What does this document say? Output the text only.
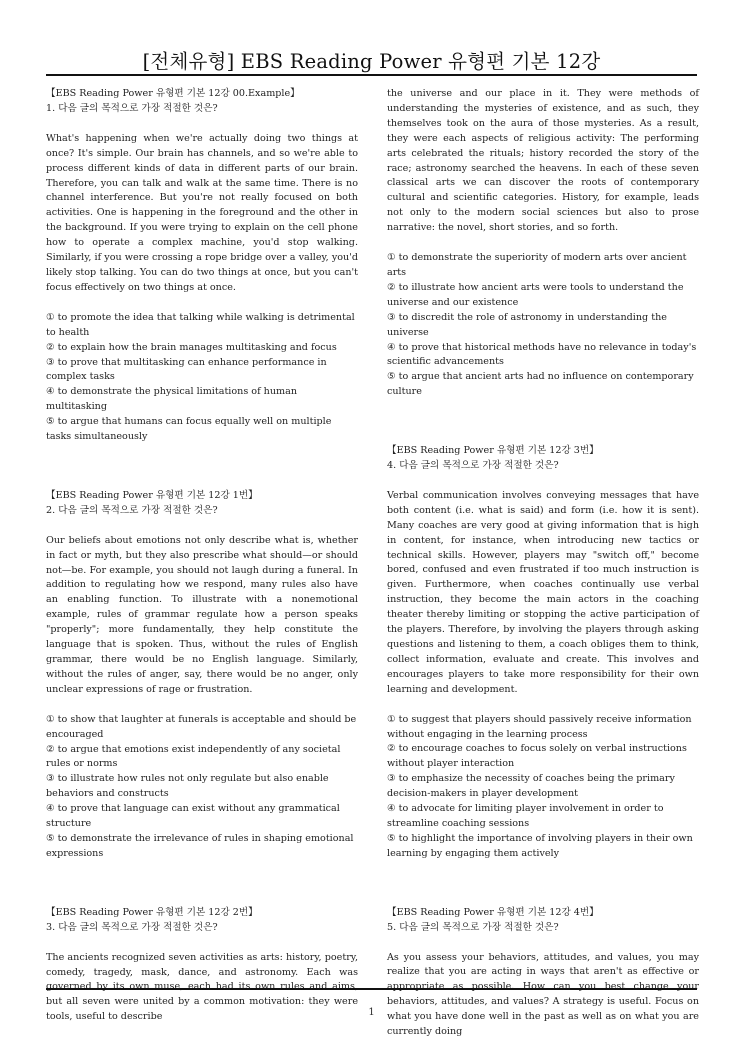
[전체유형] EBS Reading Power 유형편 기본 12강

【EBS Reading Power 유형편 기본 12강 00.Example】

1. 다음 글의 목적으로 가장 적절한 것은?

What's happening when we're actually doing two things at once? It's simple. Our brain has channels, and so we're able to process different kinds of data in different parts of our brain. Therefore, you can talk and walk at the same time. There is no channel interference. But you're not really focused on both activities. One is happening in the foreground and the other in the background. If you were trying to explain on the cell phone how to operate a complex machine, you'd stop walking. Similarly, if you were crossing a rope bridge over a valley, you'd likely stop talking. You can do two things at once, but you can't focus effectively on two things at once.

① to promote the idea that talking while walking is detrimental to health

② to explain how the brain manages multitasking and focus

③ to prove that multitasking can enhance performance in complex tasks

④ to demonstrate the physical limitations of human multitasking

⑤ to argue that humans can focus equally well on multiple tasks simultaneously

【EBS Reading Power 유형편 기본 12강 1번】

2. 다음 글의 목적으로 가장 적절한 것은?

Our beliefs about emotions not only describe what is, whether in fact or myth, but they also prescribe what should—or should not—be. For example, you should not laugh during a funeral. In addition to regulating how we respond, many rules also have an enabling function. To illustrate with a nonemotional example, rules of grammar regulate how a person speaks "properly"; more fundamentally, they help constitute the language that is spoken. Thus, without the rules of English grammar, there would be no English language. Similarly, without the rules of anger, say, there would be no anger, only unclear expressions of rage or frustration.

① to show that laughter at funerals is acceptable and should be encouraged

② to argue that emotions exist independently of any societal rules or norms

③ to illustrate how rules not only regulate but also enable behaviors and constructs

④ to prove that language can exist without any grammatical structure

⑤ to demonstrate the irrelevance of rules in shaping emotional expressions

【EBS Reading Power 유형편 기본 12강 2번】

3. 다음 글의 목적으로 가장 적절한 것은?

The ancients recognized seven activities as arts: history, poetry, comedy, tragedy, mask, dance, and astronomy. Each was governed by its own muse, each had its own rules and aims, but all seven were united by a common motivation: they were tools, useful to describe

the universe and our place in it. They were methods of understanding the mysteries of existence, and as such, they themselves took on the aura of those mysteries. As a result, they were each aspects of religious activity: The performing arts celebrated the rituals; history recorded the story of the race; astronomy searched the heavens. In each of these seven classical arts we can discover the roots of contemporary cultural and scientific categories. History, for example, leads not only to the modern social sciences but also to prose narrative: the novel, short stories, and so forth.

① to demonstrate the superiority of modern arts over ancient arts

② to illustrate how ancient arts were tools to understand the universe and our existence

③ to discredit the role of astronomy in understanding the universe

④ to prove that historical methods have no relevance in today's scientific advancements

⑤ to argue that ancient arts had no influence on contemporary culture

【EBS Reading Power 유형편 기본 12강 3번】

4. 다음 글의 목적으로 가장 적절한 것은?

Verbal communication involves conveying messages that have both content (i.e. what is said) and form (i.e. how it is sent). Many coaches are very good at giving information that is high in content, for instance, when introducing new tactics or technical skills. However, players may "switch off," become bored, confused and even frustrated if too much instruction is given. Furthermore, when coaches continually use verbal instruction, they become the main actors in the coaching theater thereby limiting or stopping the active participation of the players. Therefore, by involving the players through asking questions and listening to them, a coach obliges them to think, collect information, evaluate and create. This involves and encourages players to take more responsibility for their own learning and development.

① to suggest that players should passively receive information without engaging in the learning process

② to encourage coaches to focus solely on verbal instructions without player interaction

③ to emphasize the necessity of coaches being the primary decision-makers in player development

④ to advocate for limiting player involvement in order to streamline coaching sessions

⑤ to highlight the importance of involving players in their own learning by engaging them actively

【EBS Reading Power 유형편 기본 12강 4번】

5. 다음 글의 목적으로 가장 적절한 것은?

As you assess your behaviors, attitudes, and values, you may realize that you are acting in ways that aren't as effective or appropriate as possible. How can you best change your behaviors, attitudes, and values? A strategy is useful. Focus on what you have done well in the past as well as on what you are currently doing

1
